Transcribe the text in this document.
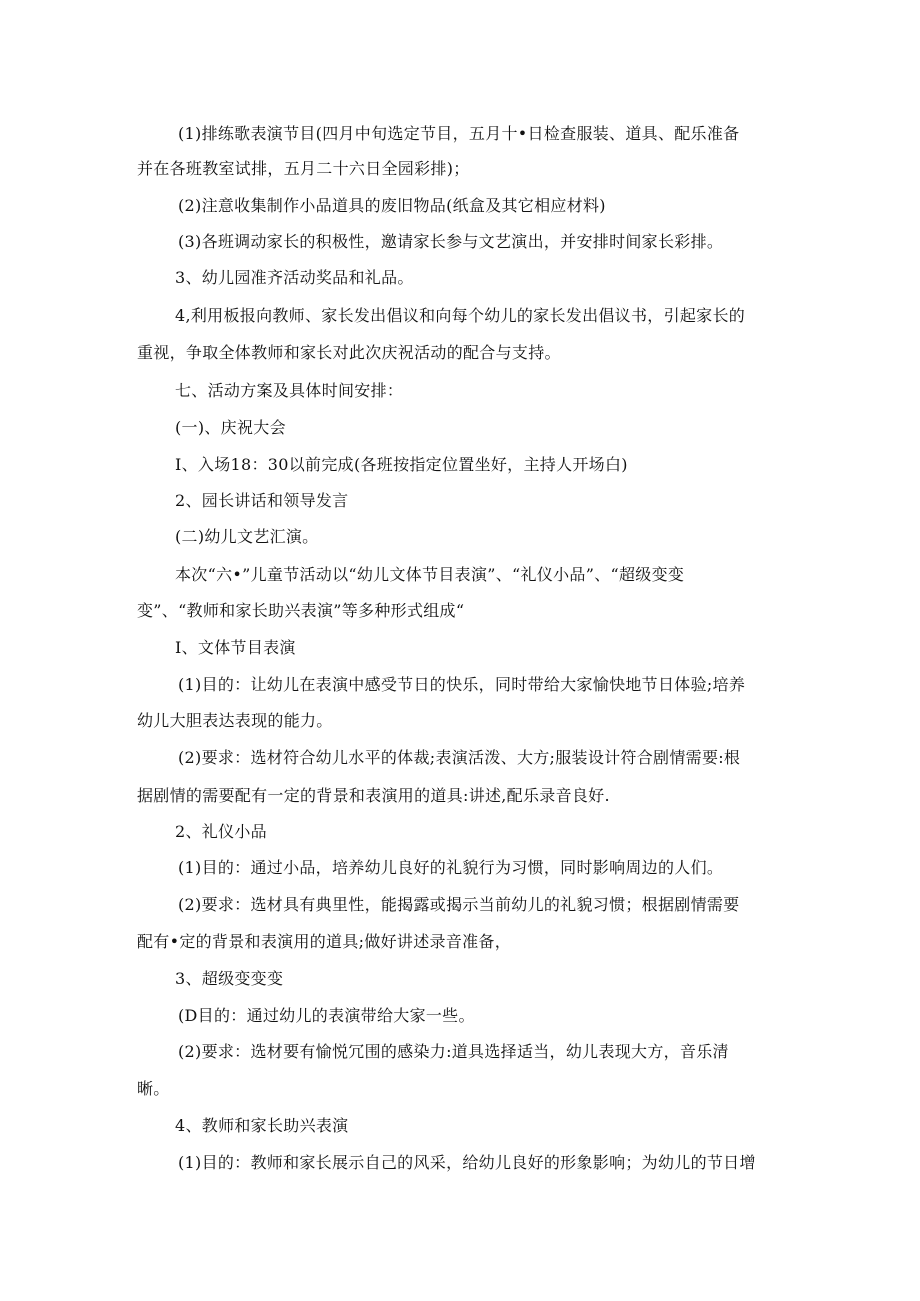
(1)排练歌表演节目(四月中旬选定节目，五月十•日检查服装、道具、配乐准备
并在各班教室试排，五月二十六日全园彩排)；
(2)注意收集制作小品道具的废旧物品(纸盒及其它相应材料)
(3)各班调动家长的积极性，邀请家长参与文艺演出，并安排时间家长彩排。
3、幼儿园准齐活动奖品和礼品。
4,利用板报向教师、家长发出倡议和向每个幼儿的家长发出倡议书，引起家长的
重视，争取全体教师和家长对此次庆祝活动的配合与支持。
七、活动方案及具体时间安排：
(一)、庆祝大会
I、入场18：30以前完成(各班按指定位置坐好，主持人开场白)
2、园长讲话和领导发言
(二)幼儿文艺汇演。
本次“六•”儿童节活动以“幼儿文体节目表演”、“礼仪小品”、“超级变变
变”、“教师和家长助兴表演”等多种形式组成“
I、文体节目表演
(1)目的：让幼儿在表演中感受节日的快乐，同时带给大家愉快地节日体验;培养
幼儿大胆表达表现的能力。
(2)要求：选材符合幼儿水平的体裁;表演活泼、大方;服装设计符合剧情需要:根
据剧情的需要配有一定的背景和表演用的道具:讲述,配乐录音良好.
2、礼仪小品
(1)目的：通过小品，培养幼儿良好的礼貌行为习惯，同时影响周边的人们。
(2)要求：选材具有典里性，能揭露或揭示当前幼儿的礼貌习惯；根据剧情需要
配有•定的背景和表演用的道具;做好讲述录音准备，
3、超级变变变
(D目的：通过幼儿的表演带给大家一些。
(2)要求：选材要有愉悦冗围的感染力:道具选择适当，幼儿表现大方，音乐清
晰。
4、教师和家长助兴表演
(1)目的：教师和家长展示自己的风采，给幼儿良好的形象影响；为幼儿的节日增
